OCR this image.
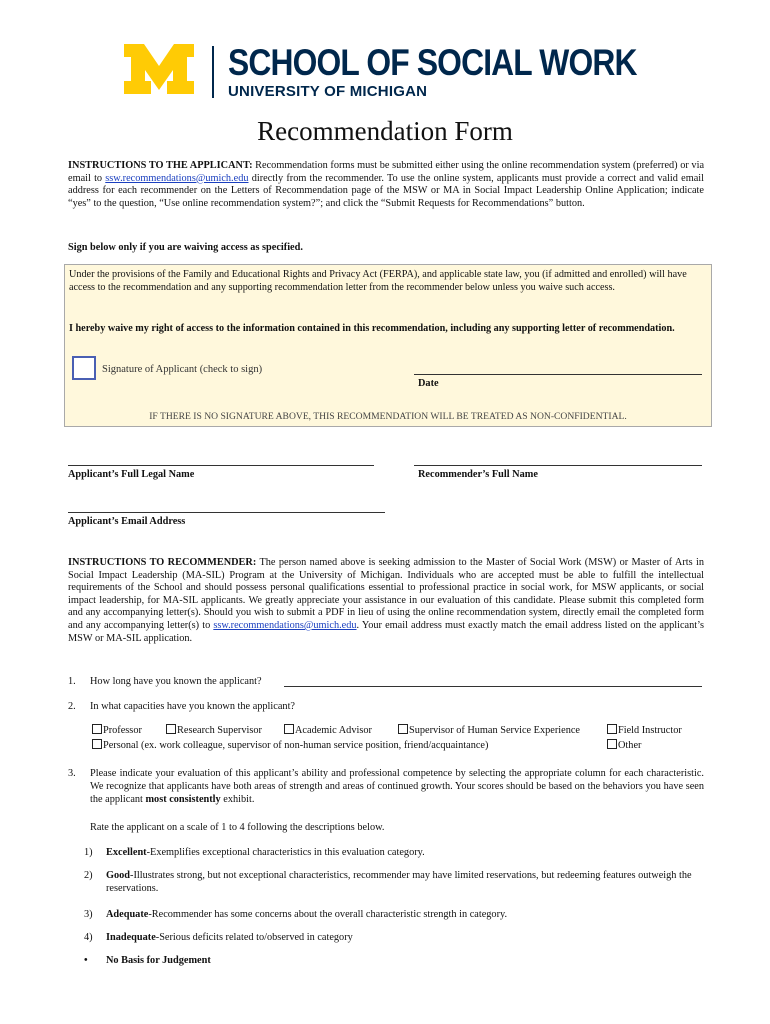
SCHOOL OF SOCIAL WORK
UNIVERSITY OF MICHIGAN
Recommendation Form
INSTRUCTIONS TO THE APPLICANT: Recommendation forms must be submitted either using the online recommendation system (preferred) or via email to ssw.recommendations@umich.edu directly from the recommender. To use the online system, applicants must provide a correct and valid email address for each recommender on the Letters of Recommendation page of the MSW or MA in Social Impact Leadership Online Application; indicate “yes” to the question, “Use online recommendation system?”; and click the “Submit Requests for Recommendations” button.
Sign below only if you are waiving access as specified.
Under the provisions of the Family and Educational Rights and Privacy Act (FERPA), and applicable state law, you (if admitted and enrolled) will have access to the recommendation and any supporting recommendation letter from the recommender below unless you waive such access.
I hereby waive my right of access to the information contained in this recommendation, including any supporting letter of recommendation.
Signature of Applicant (check to sign)
Date
IF THERE IS NO SIGNATURE ABOVE, THIS RECOMMENDATION WILL BE TREATED AS NON-CONFIDENTIAL.
Applicant’s Full Legal Name	Recommender’s Full Name
Applicant’s Email Address
INSTRUCTIONS TO RECOMMENDER: The person named above is seeking admission to the Master of Social Work (MSW) or Master of Arts in Social Impact Leadership (MA-SIL) Program at the University of Michigan. Individuals who are accepted must be able to fulfill the intellectual requirements of the School and should possess personal qualifications essential to professional practice in social work, for MSW applicants, or social impact leadership, for MA-SIL applicants. We greatly appreciate your assistance in our evaluation of this candidate. Please submit this completed form and any accompanying letter(s). Should you wish to submit a PDF in lieu of using the online recommendation system, directly email the completed form and any accompanying letter(s) to ssw.recommendations@umich.edu. Your email address must exactly match the email address listed on the applicant’s MSW or MA-SIL application.
1. How long have you known the applicant?
2. In what capacities have you known the applicant?
Professor	Research Supervisor	Academic Advisor	Supervisor of Human Service Experience	Field Instructor
Personal (ex. work colleague, supervisor of non-human service position, friend/acquaintance)	Other
3. Please indicate your evaluation of this applicant’s ability and professional competence by selecting the appropriate column for each characteristic. We recognize that applicants have both areas of strength and areas of continued growth. Your scores should be based on the behaviors you have seen the applicant most consistently exhibit.
Rate the applicant on a scale of 1 to 4 following the descriptions below.
1) Excellent-Exemplifies exceptional characteristics in this evaluation category.
2) Good-Illustrates strong, but not exceptional characteristics, recommender may have limited reservations, but redeeming features outweigh the reservations.
3) Adequate-Recommender has some concerns about the overall characteristic strength in category.
4) Inadequate-Serious deficits related to/observed in category
• No Basis for Judgement
